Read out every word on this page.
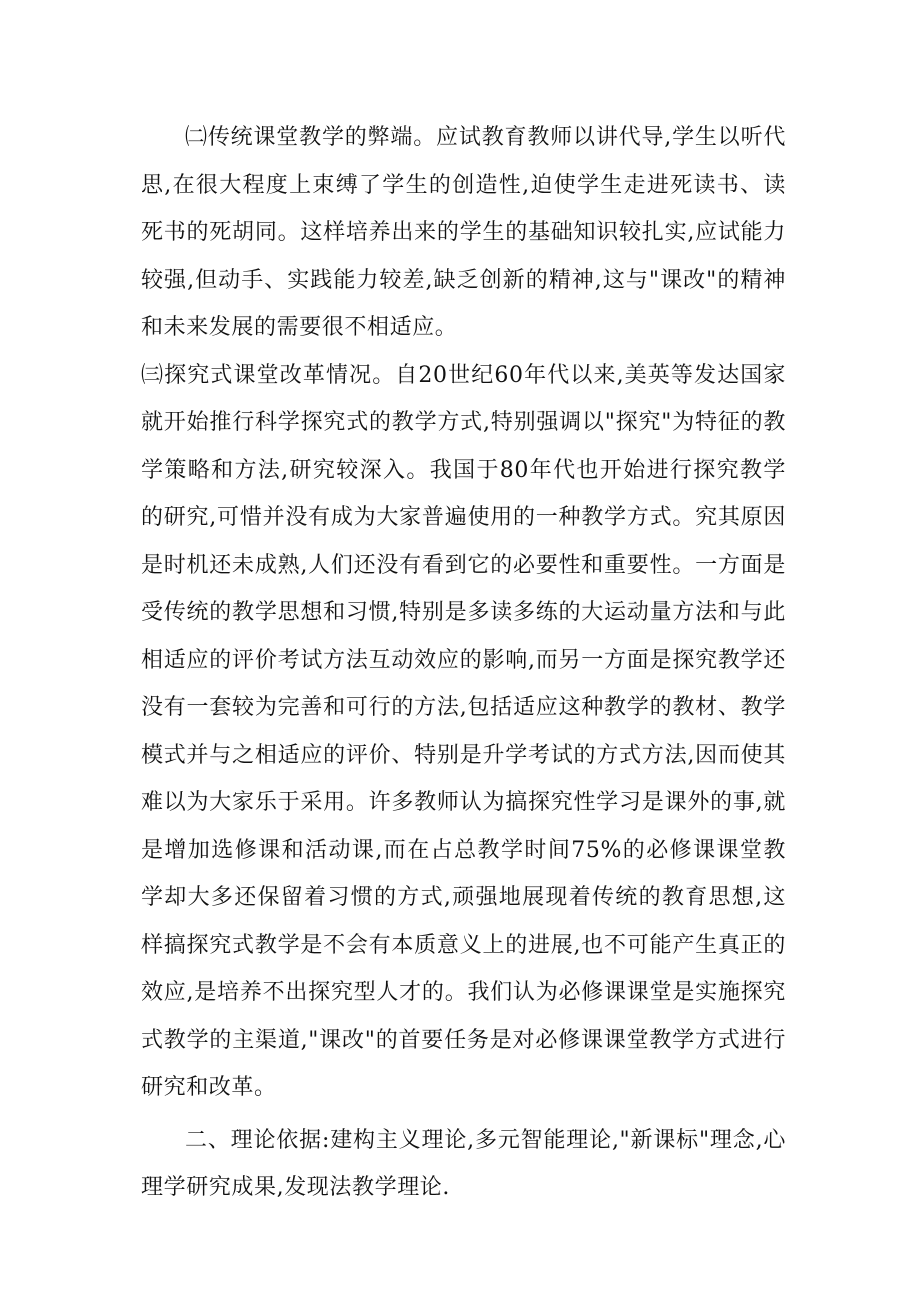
㈡传统课堂教学的弊端。应试教育教师以讲代导,学生以听代思,在很大程度上束缚了学生的创造性,迫使学生走进死读书、读死书的死胡同。这样培养出来的学生的基础知识较扎实,应试能力较强,但动手、实践能力较差,缺乏创新的精神,这与"课改"的精神和未来发展的需要很不相适应。

㈢探究式课堂改革情况。自20世纪60年代以来,美英等发达国家就开始推行科学探究式的教学方式,特别强调以"探究"为特征的教学策略和方法,研究较深入。我国于80年代也开始进行探究教学的研究,可惜并没有成为大家普遍使用的一种教学方式。究其原因是时机还未成熟,人们还没有看到它的必要性和重要性。一方面是受传统的教学思想和习惯,特别是多读多练的大运动量方法和与此相适应的评价考试方法互动效应的影响,而另一方面是探究教学还没有一套较为完善和可行的方法,包括适应这种教学的教材、教学模式并与之相适应的评价、特别是升学考试的方式方法,因而使其难以为大家乐于采用。许多教师认为搞探究性学习是课外的事,就是增加选修课和活动课,而在占总教学时间75%的必修课课堂教学却大多还保留着习惯的方式,顽强地展现着传统的教育思想,这样搞探究式教学是不会有本质意义上的进展,也不可能产生真正的效应,是培养不出探究型人才的。我们认为必修课课堂是实施探究式教学的主渠道,"课改"的首要任务是对必修课课堂教学方式进行研究和改革。

二、理论依据:建构主义理论,多元智能理论,"新课标"理念,心理学研究成果,发现法教学理论.
